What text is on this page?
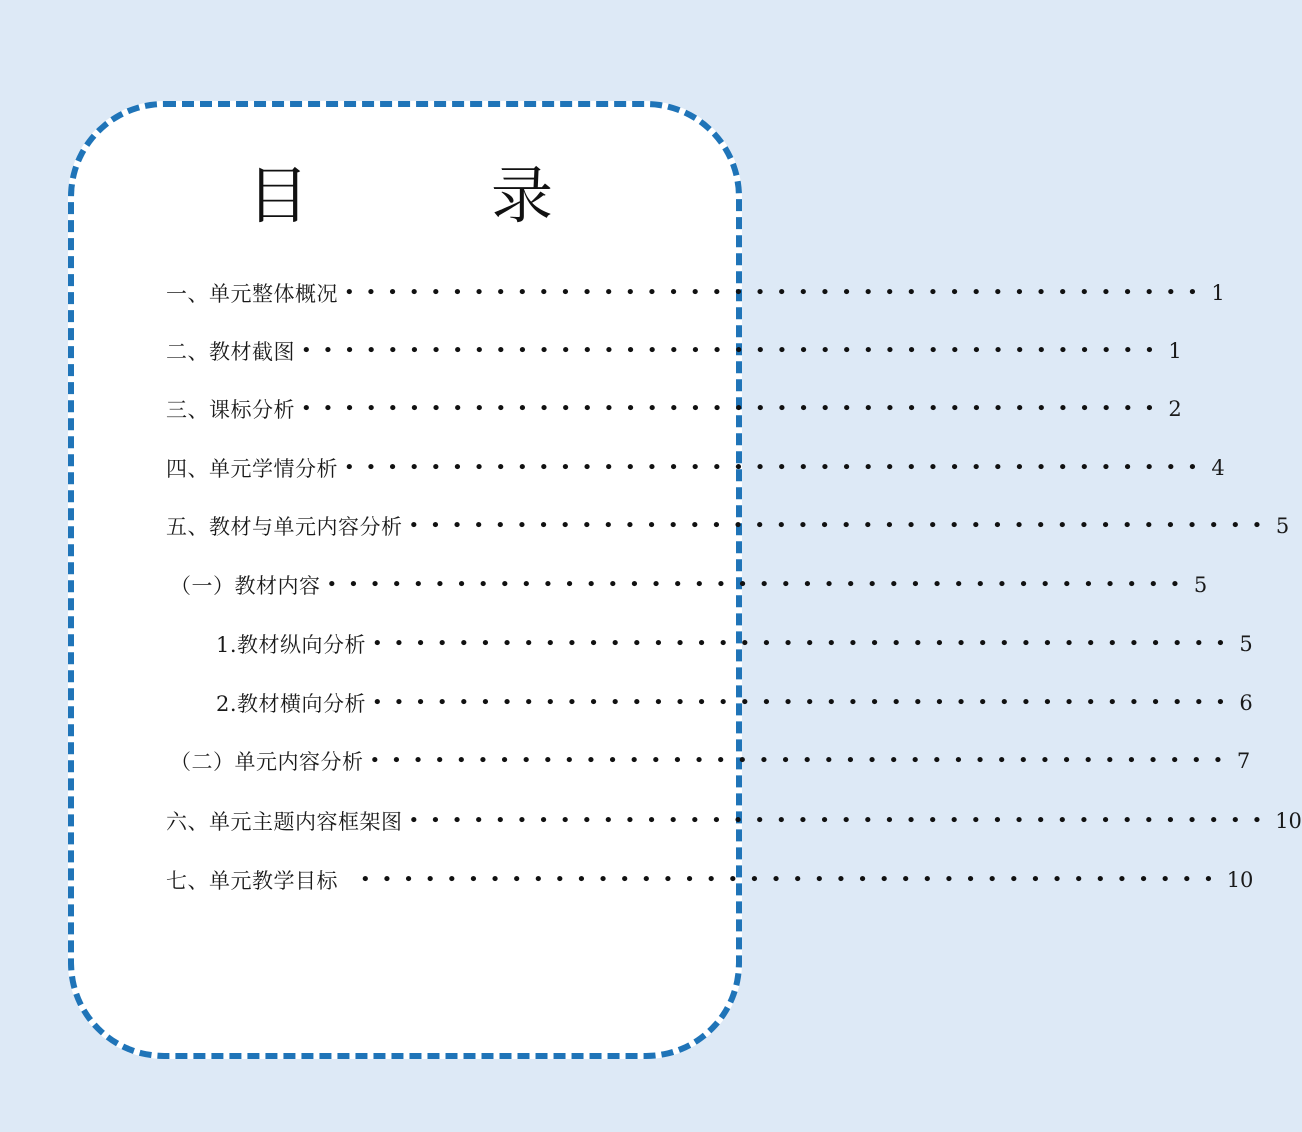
目　录
一、单元整体概况 •••••••••••••••••••••••••••••••••••••••• 1
二、教材截图 •••••••••••••••••••••••••••••••••••••••• 1
三、课标分析 •••••••••••••••••••••••••••••••••••••••• 2
四、单元学情分析 •••••••••••••••••••••••••••••••••••••••• 4
五、教材与单元内容分析 •••••••••••••••••••••••••••••••••••••••• 5
（一）教材内容 •••••••••••••••••••••••••••••••••••••••• 5
1.教材纵向分析 •••••••••••••••••••••••••••••••••••••••• 5
2.教材横向分析 •••••••••••••••••••••••••••••••••••••••• 6
（二）单元内容分析 •••••••••••••••••••••••••••••••••••••••• 7
六、单元主题内容框架图 •••••••••••••••••••••••••••••••••••••••• 10
七、单元教学目标	•••••••••••••••••••••••••••••••••••••••• 10
